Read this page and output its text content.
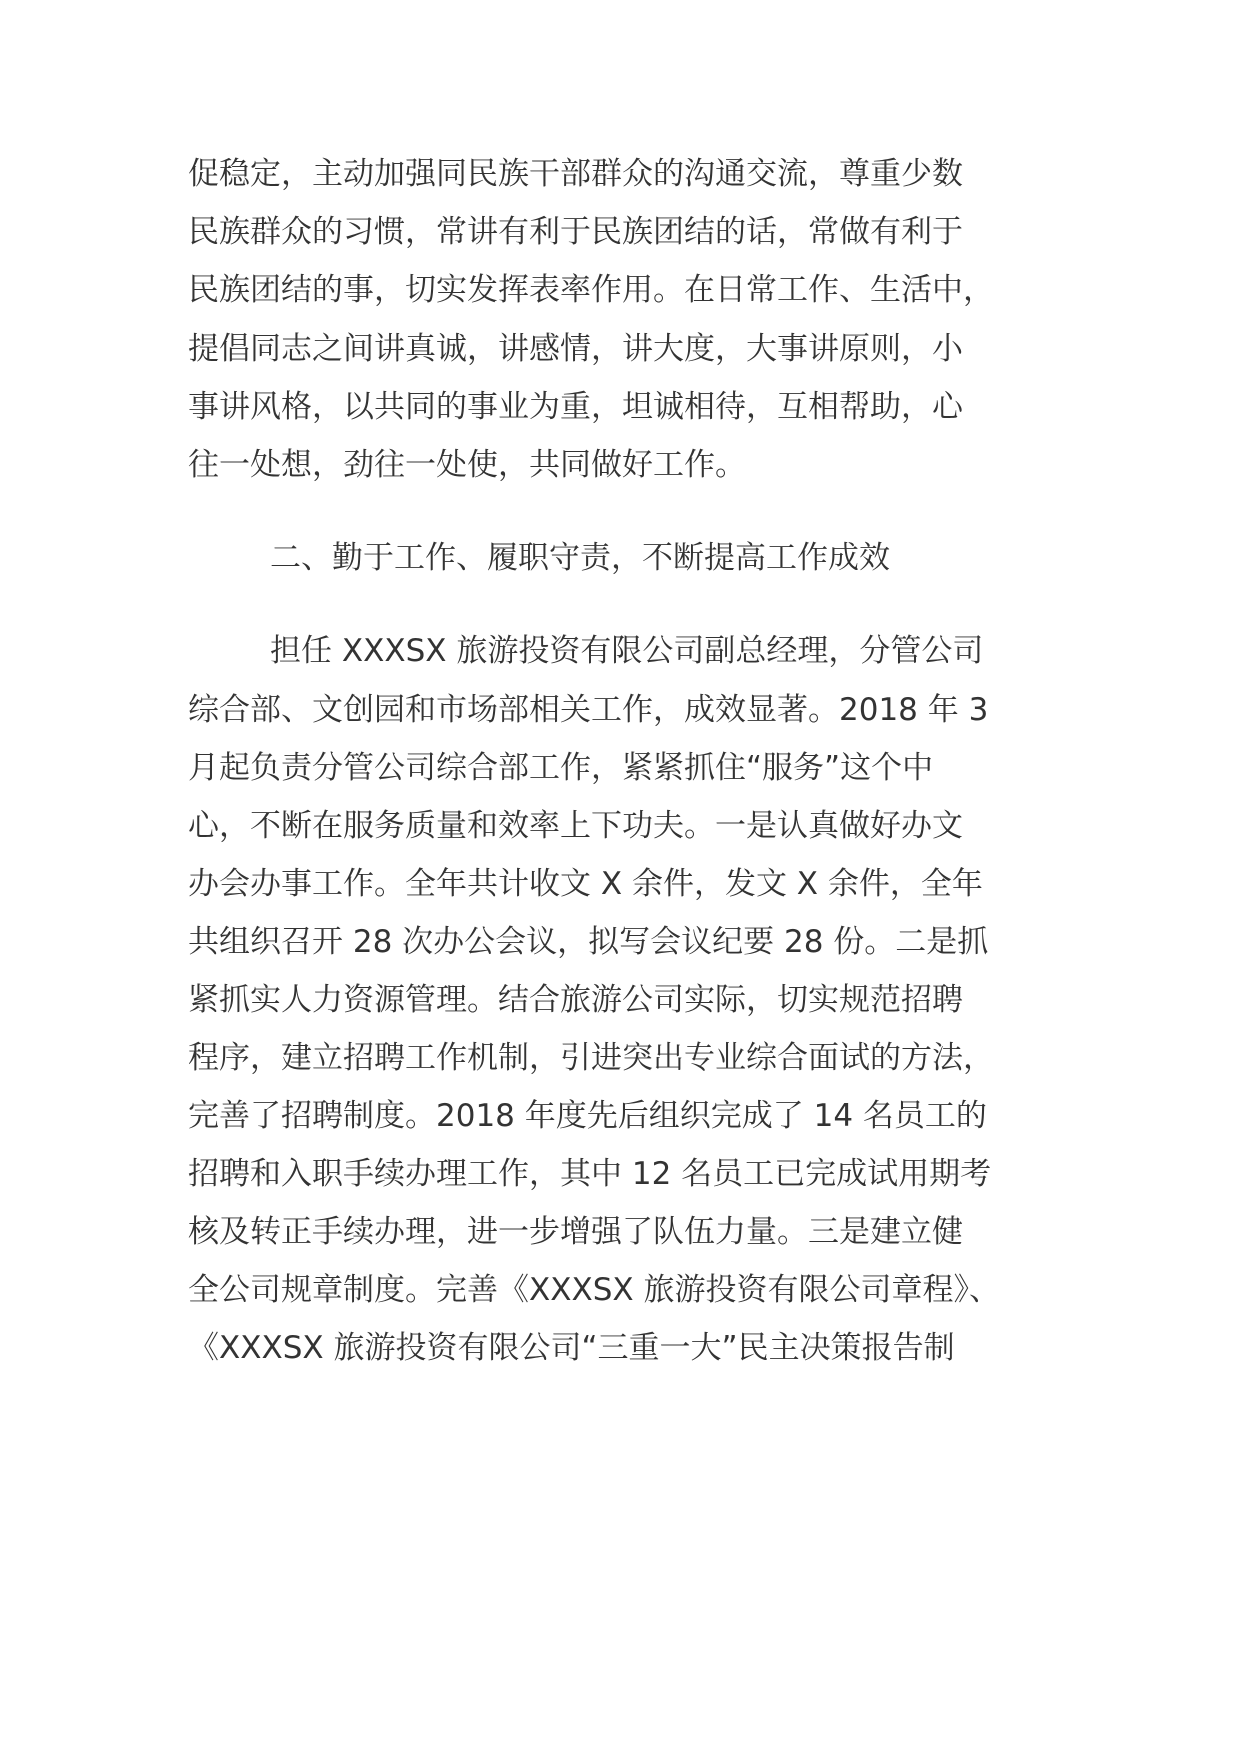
促稳定，主动加强同民族干部群众的沟通交流，尊重少数
民族群众的习惯，常讲有利于民族团结的话，常做有利于
民族团结的事，切实发挥表率作用。在日常工作、生活中，
提倡同志之间讲真诚，讲感情，讲大度，大事讲原则，小
事讲风格，以共同的事业为重，坦诚相待，互相帮助，心
往一处想，劲往一处使，共同做好工作。
二、勤于工作、履职守责，不断提高工作成效
担任 XXXSX 旅游投资有限公司副总经理，分管公司
综合部、文创园和市场部相关工作，成效显著。2018 年 3
月起负责分管公司综合部工作，紧紧抓住“服务”这个中
心，不断在服务质量和效率上下功夫。一是认真做好办文
办会办事工作。全年共计收文 X 余件，发文 X 余件，全年
共组织召开 28 次办公会议，拟写会议纪要 28 份。二是抓
紧抓实人力资源管理。结合旅游公司实际，切实规范招聘
程序，建立招聘工作机制，引进突出专业综合面试的方法，
完善了招聘制度。2018 年度先后组织完成了 14 名员工的
招聘和入职手续办理工作，其中 12 名员工已完成试用期考
核及转正手续办理，进一步增强了队伍力量。三是建立健
全公司规章制度。完善《XXXSX 旅游投资有限公司章程》、
《XXXSX 旅游投资有限公司“三重一大”民主决策报告制
